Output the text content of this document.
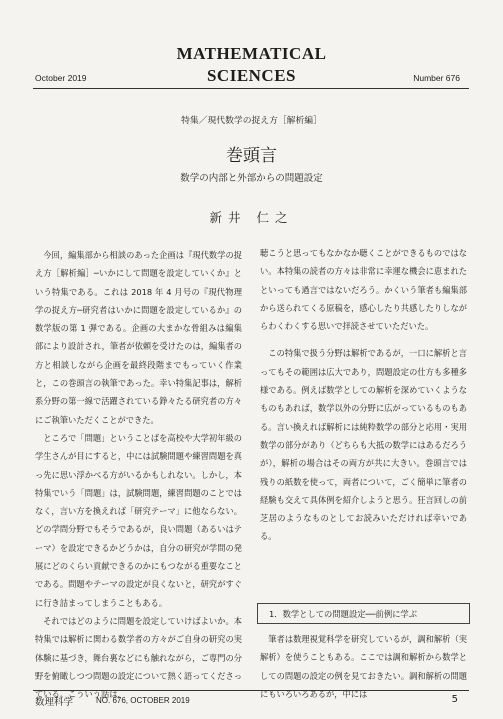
MATHEMATICAL
SCIENCES
October 2019	Number 676
特集／現代数学の捉え方［解析編］
巻頭言
数学の内部と外部からの問題設定
新井 仁之

今回，編集部から相談のあった企画は『現代数学の捉え方［解析編］─いかにして問題を設定していくか』という特集である。これは 2018 年 4 月号の『現代物理学の捉え方─研究者はいかに問題を設定しているか』の数学版の第 1 弾である。企画の大まかな骨組みは編集部により設計され，筆者が依頼を受けたのは，編集者の方と相談しながら企画を最終段階までもっていく作業と，この巻頭言の執筆であった。幸い特集記事は，解析系分野の第一線で活躍されている錚々たる研究者の方々にご執筆いただくことができた。

ところで「問題」ということばを高校や大学初年級の学生さんが目にすると，中には試験問題や練習問題を真っ先に思い浮かべる方がいるかもしれない。しかし，本特集でいう「問題」は，試験問題，練習問題のことではなく，言い方を換えれば「研究テーマ」に他ならない。どの学問分野でもそうであるが，良い問題（あるいはテーマ）を設定できるかどうかは，自分の研究が学問の発展にどのくらい貢献できるのかにもつながる重要なことである。問題やテーマの設定が良くないと，研究がすぐに行き詰まってしまうこともある。

それではどのように問題を設定していけばよいか。本特集では解析に関わる数学者の方々がご自身の研究の実体験に基づき，舞台裏などにも触れながら，ご専門の分野を俯瞰しつつ問題の設定について熱く語ってくださっている。こういう話は，

聴こうと思ってもなかなか聴くことができるものではない。本特集の読者の方々は非常に幸運な機会に恵まれたといっても過言ではないだろう。かくいう筆者も編集部から送られてくる原稿を，感心したり共感したりしながらわくわくする思いで拝読させていただいた。

この特集で扱う分野は解析であるが，一口に解析と言ってもその範囲は広大であり，問題設定の仕方も多種多様である。例えば数学としての解析を深めていくようなものもあれば，数学以外の分野に広がっているものもある。言い換えれば解析には純粋数学の部分と応用・実用数学の部分があり（どちらも大抵の数学にはあるだろうが），解析の場合はその両方が共に大きい。巻頭言では残りの紙数を使って，両者について，ごく簡単に筆者の経験も交えて具体例を紹介しようと思う。狂言回しの前芝居のようなものとしてお読みいただければ幸いである。

1．数学としての問題設定──前例に学ぶ

筆者は数理視覚科学を研究しているが，調和解析（実解析）を使うこともある。ここでは調和解析から数学としての問題の設定の例を見ておきたい。調和解析の問題にもいろいろあるが，中には

数理科学	NO. 676, OCTOBER 2019	5
